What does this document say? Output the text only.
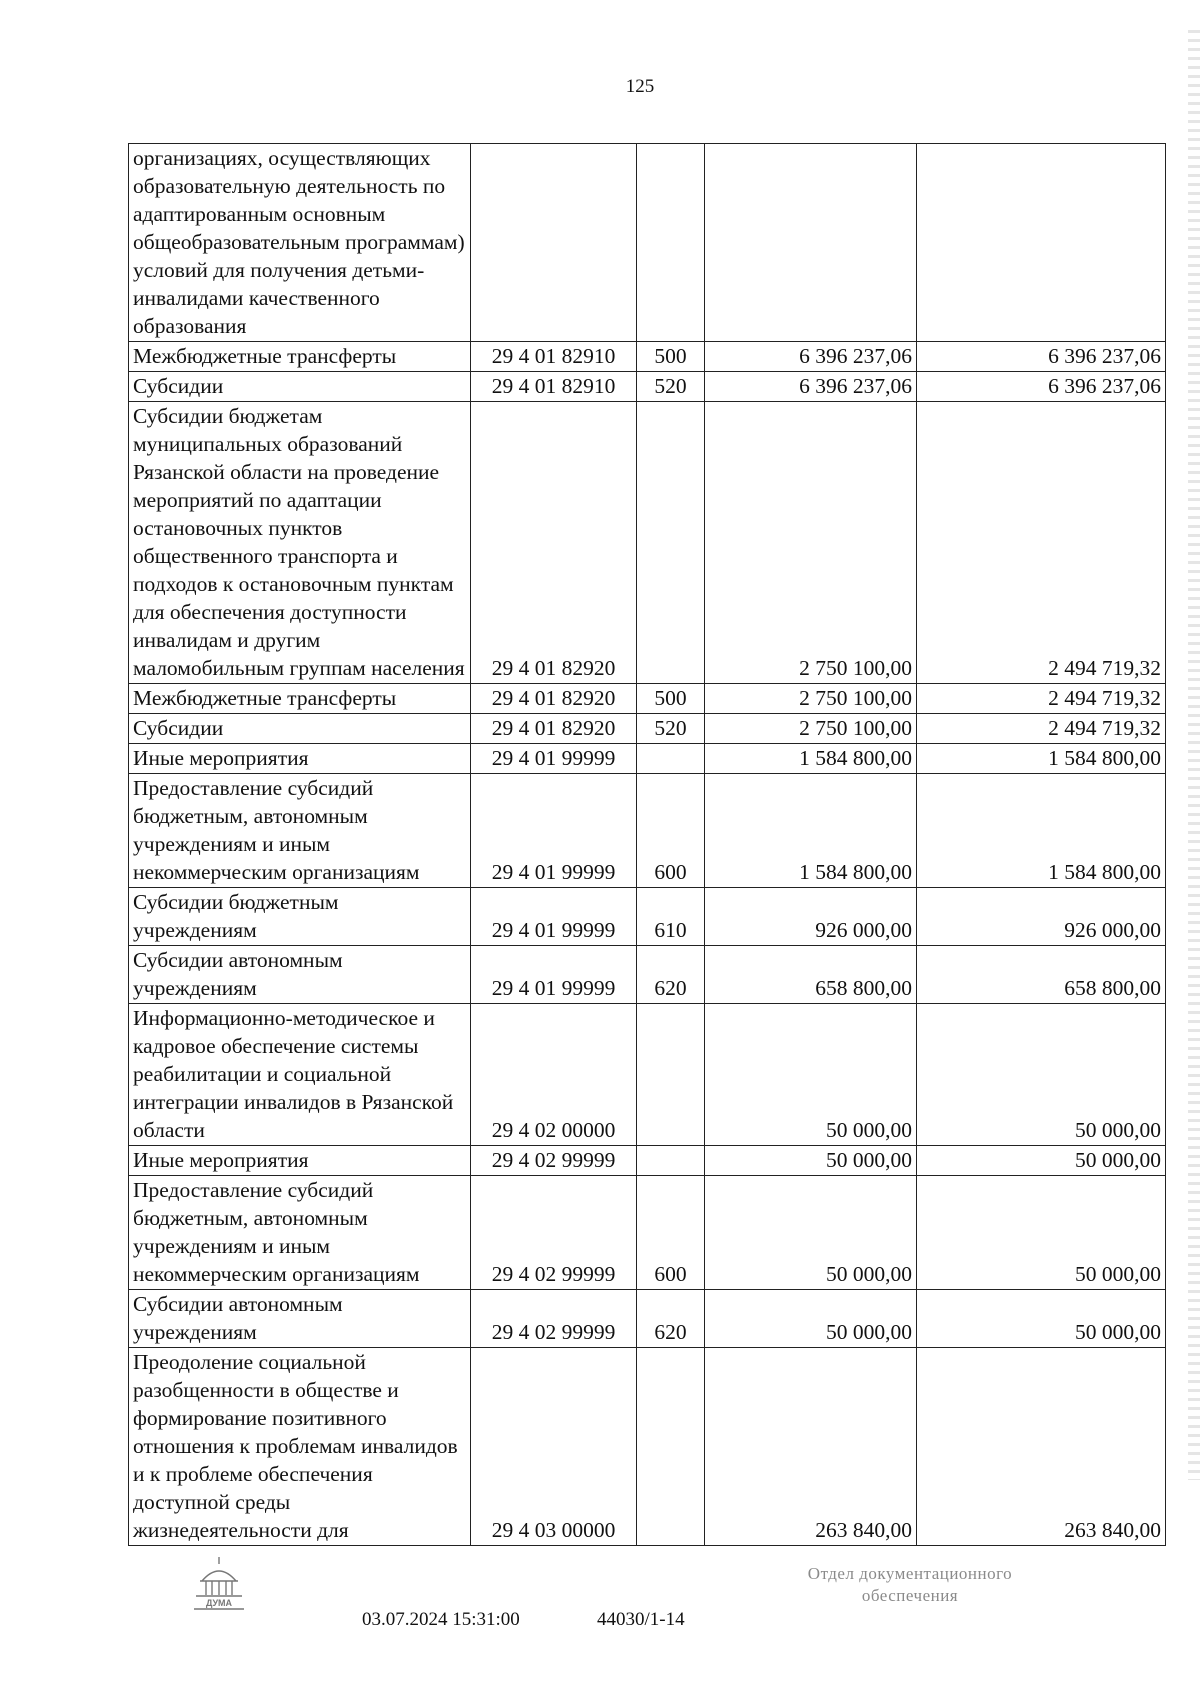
125
организациях, осуществляющих образовательную деятельность по адаптированным основным общеобразовательным программам) условий для получения детьми-инвалидами качественного образования				
Межбюджетные трансферты	29 4 01 82910	500	6 396 237,06	6 396 237,06
Субсидии	29 4 01 82910	520	6 396 237,06	6 396 237,06
Субсидии бюджетам муниципальных образований Рязанской области на проведение мероприятий по адаптации остановочных пунктов общественного транспорта и подходов к остановочным пунктам для обеспечения доступности инвалидам и другим маломобильным группам населения	29 4 01 82920		2 750 100,00	2 494 719,32
Межбюджетные трансферты	29 4 01 82920	500	2 750 100,00	2 494 719,32
Субсидии	29 4 01 82920	520	2 750 100,00	2 494 719,32
Иные мероприятия	29 4 01 99999		1 584 800,00	1 584 800,00
Предоставление субсидий бюджетным, автономным учреждениям и иным некоммерческим организациям	29 4 01 99999	600	1 584 800,00	1 584 800,00
Субсидии бюджетным учреждениям	29 4 01 99999	610	926 000,00	926 000,00
Субсидии автономным учреждениям	29 4 01 99999	620	658 800,00	658 800,00
Информационно-методическое и кадровое обеспечение системы реабилитации и социальной интеграции инвалидов в Рязанской области	29 4 02 00000		50 000,00	50 000,00
Иные мероприятия	29 4 02 99999		50 000,00	50 000,00
Предоставление субсидий бюджетным, автономным учреждениям и иным некоммерческим организациям	29 4 02 99999	600	50 000,00	50 000,00
Субсидии автономным учреждениям	29 4 02 99999	620	50 000,00	50 000,00
Преодоление социальной разобщенности в обществе и формирование позитивного отношения к проблемам инвалидов и к проблеме обеспечения доступной среды жизнедеятельности для	29 4 03 00000		263 840,00	263 840,00
ДУМА
Отдел документационного
обеспечения
03.07.2024 15:31:00	44030/1-14
